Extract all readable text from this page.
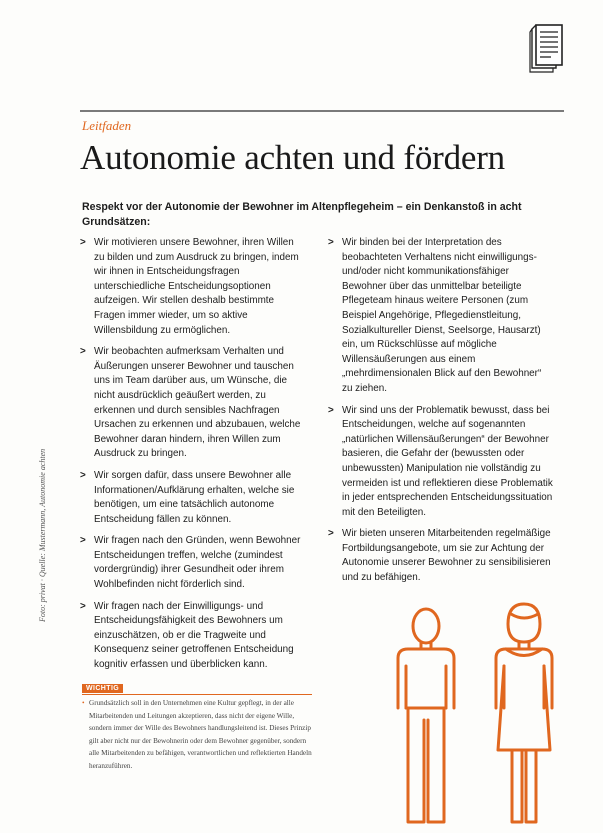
Leitfaden
Autonomie achten und fördern
Respekt vor der Autonomie der Bewohner im Altenpflegeheim – ein Denkanstoß in acht Grundsätzen:
> Wir motivieren unsere Bewohner, ihren Willen zu bilden und zum Ausdruck zu bringen, indem wir ihnen in Entscheidungsfragen unterschiedliche Entscheidungsoptionen aufzeigen. Wir stellen deshalb bestimmte Fragen immer wieder, um so aktive Willensbildung zu ermöglichen.
> Wir beobachten aufmerksam Verhalten und Äußerungen unserer Bewohner und tauschen uns im Team darüber aus, um Wünsche, die nicht ausdrücklich geäußert werden, zu erkennen und durch sensibles Nachfragen Ursachen zu erkennen und abzubauen, welche Bewohner daran hindern, ihren Willen zum Ausdruck zu bringen.
> Wir sorgen dafür, dass unsere Bewohner alle Informationen/Aufklärung erhalten, welche sie benötigen, um eine tatsächlich autonome Entscheidung fällen zu können.
> Wir fragen nach den Gründen, wenn Bewohner Entscheidungen treffen, welche (zumindest vordergründig) ihrer Gesundheit oder ihrem Wohlbefinden nicht förderlich sind.
> Wir fragen nach der Einwilligungs- und Entscheidungsfähigkeit des Bewohners um einzuschätzen, ob er die Tragweite und Konsequenz seiner getroffenen Entscheidung kognitiv erfassen und überblicken kann.
> Wir binden bei der Interpretation des beobachteten Verhaltens nicht einwilligungs- und/oder nicht kommunikationsfähiger Bewohner über das unmittelbar beteiligte Pflegeteam hinaus weitere Personen (zum Beispiel Angehörige, Pflegedienstleitung, Sozialkultureller Dienst, Seelsorge, Hausarzt) ein, um Rückschlüsse auf mögliche Willensäußerungen aus einem „mehrdimensionalen Blick auf den Bewohner“ zu ziehen.
> Wir sind uns der Problematik bewusst, dass bei Entscheidungen, welche auf sogenannten „natürlichen Willensäußerungen“ der Bewohner basieren, die Gefahr der (bewussten oder unbewussten) Manipulation nie vollständig zu vermeiden ist und reflektieren diese Problematik in jeder entsprechenden Entscheidungssituation mit den Beteiligten.
> Wir bieten unseren Mitarbeitenden regelmäßige Fortbildungsangebote, um sie zur Achtung der Autonomie unserer Bewohner zu sensibilisieren und zu befähigen.
Foto: privat · Quelle: Mustermann, Autonomie achten
WICHTIG
• Grundsätzlich soll in den Unternehmen eine Kultur gepflegt, in der alle Mitarbeitenden und Leitungen akzeptieren, dass nicht der eigene Wille, sondern immer der Wille des Bewohners handlungsleitend ist. Dieses Prinzip gilt aber nicht nur der Bewohnerin oder dem Bewohner gegenüber, sondern alle Mitarbeitenden zu befähigen, verantwortlichen und reflektierten Handeln heranzuführen.
